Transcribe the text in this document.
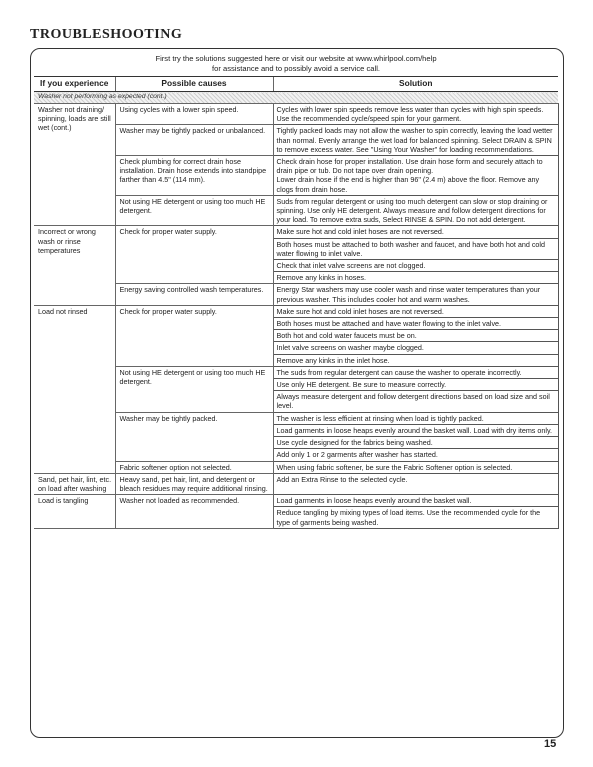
TROUBLESHOOTING
First try the solutions suggested here or visit our website at www.whirlpool.com/help
for assistance and to possibly avoid a service call.
If you experience	Possible causes	Solution
Washer not performing as expected (cont.)		
Washer not draining/ spinning, loads are still wet (cont.)	Using cycles with a lower spin speed.	Cycles with lower spin speeds remove less water than cycles with high spin speeds. Use the recommended cycle/speed spin for your garment.
	Washer may be tightly packed or unbalanced.	Tightly packed loads may not allow the washer to spin correctly, leaving the load wetter than normal. Evenly arrange the wet load for balanced spinning. Select DRAIN & SPIN to remove excess water. See "Using Your Washer" for loading recommendations.
	Check plumbing for correct drain hose installation. Drain hose extends into standpipe farther than 4.5" (114 mm).	Check drain hose for proper installation. Use drain hose form and securely attach to drain pipe or tub. Do not tape over drain opening.
Lower drain hose if the end is higher than 96" (2.4 m) above the floor. Remove any clogs from drain hose.
	Not using HE detergent or using too much HE detergent.	Suds from regular detergent or using too much detergent can slow or stop draining or spinning. Use only HE detergent. Always measure and follow detergent directions for your load. To remove extra suds, Select RINSE & SPIN. Do not add detergent.
Incorrect or wrong wash or rinse temperatures	Check for proper water supply.	Make sure hot and cold inlet hoses are not reversed.
		Both hoses must be attached to both washer and faucet, and have both hot and cold water flowing to inlet valve.
		Check that inlet valve screens are not clogged.
		Remove any kinks in hoses.
	Energy saving controlled wash temperatures.	Energy Star washers may use cooler wash and rinse water temperatures than your previous washer. This includes cooler hot and warm washes.
Load not rinsed	Check for proper water supply.	Make sure hot and cold inlet hoses are not reversed.
		Both hoses must be attached and have water flowing to the inlet valve.
		Both hot and cold water faucets must be on.
		Inlet valve screens on washer maybe clogged.
		Remove any kinks in the inlet hose.
	Not using HE detergent or using too much HE detergent.	The suds from regular detergent can cause the washer to operate incorrectly.
		Use only HE detergent. Be sure to measure correctly.
		Always measure detergent and follow detergent directions based on load size and soil level.
	Washer may be tightly packed.	The washer is less efficient at rinsing when load is tightly packed.
		Load garments in loose heaps evenly around the basket wall. Load with dry items only.
		Use cycle designed for the fabrics being washed.
		Add only 1 or 2 garments after washer has started.
	Fabric softener option not selected.	When using fabric softener, be sure the Fabric Softener option is selected.
Sand, pet hair, lint, etc. on load after washing	Heavy sand, pet hair, lint, and detergent or bleach residues may require additional rinsing.	Add an Extra Rinse to the selected cycle.
Load is tangling	Washer not loaded as recommended.	Load garments in loose heaps evenly around the basket wall.
		Reduce tangling by mixing types of load items. Use the recommended cycle for the type of garments being washed.
15
